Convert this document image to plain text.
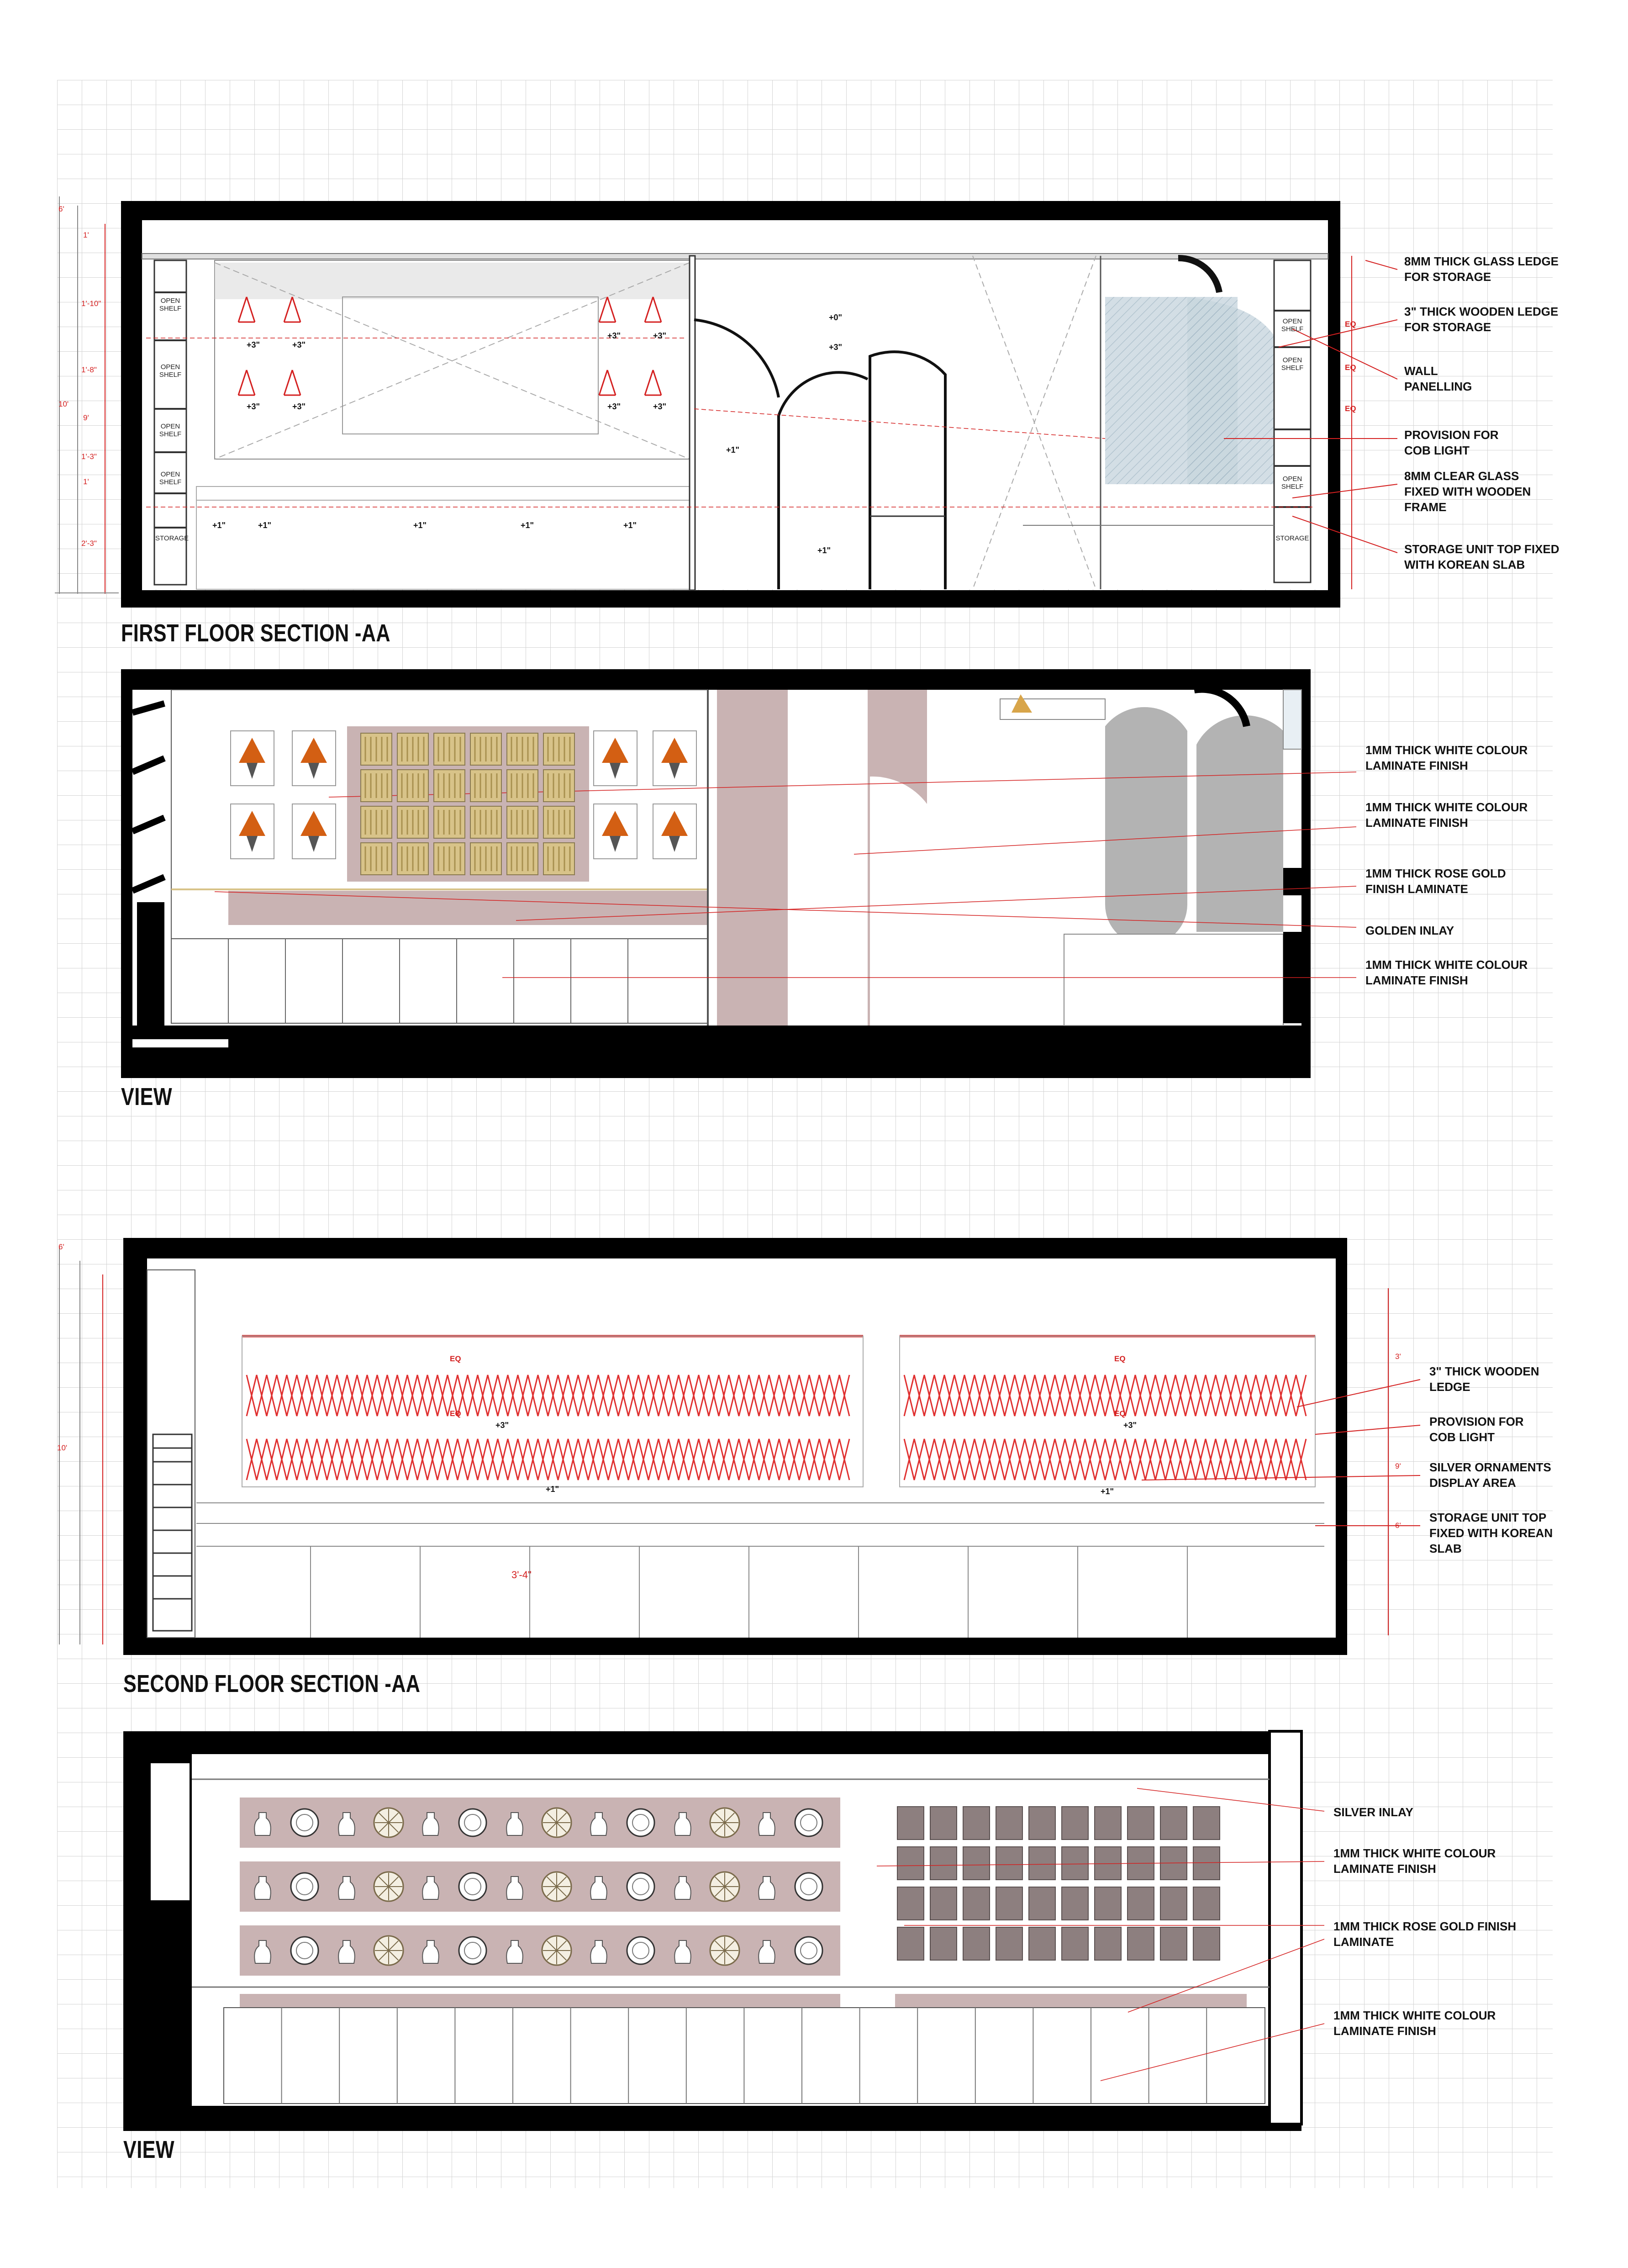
FIRST FLOOR SECTION -AA
8MM THICK GLASS LEDGE FOR STORAGE
3" THICK WOODEN LEDGE FOR STORAGE
WALL PANELLING
PROVISION FOR COB LIGHT
8MM CLEAR GLASS FIXED WITH WOODEN FRAME
STORAGE UNIT TOP FIXED WITH KOREAN SLAB
OPEN SHELF
OPEN SHELF
OPEN SHELF
OPEN SHELF
STORAGE
OPEN SHELF
OPEN SHELF
OPEN SHELF
STORAGE
6'
1'
1'-10"
1'-8"
10'
9'
1'-3"
1'
2'-3"
+3"	+3"
+3"	+3"
+3"	+3"	+3"	+3"
+1"	+1"	+1"	+1"	+1"
+1"
+1"
+0"
+3"
EQ
EQ
EQ
VIEW
1MM THICK WHITE COLOUR LAMINATE FINISH
1MM THICK WHITE COLOUR LAMINATE FINISH
1MM THICK ROSE GOLD FINISH LAMINATE
GOLDEN INLAY
1MM THICK WHITE COLOUR LAMINATE FINISH
SECOND FLOOR SECTION -AA
3" THICK WOODEN LEDGE
PROVISION FOR COB LIGHT
SILVER ORNAMENTS DISPLAY AREA
STORAGE UNIT TOP FIXED WITH KOREAN SLAB
6'
10'
9'
3'
6'
EQ	EQ
EQ	EQ
+3"	+3"
+1"	+1"
3'-4"
VIEW
SILVER INLAY
1MM THICK WHITE COLOUR LAMINATE FINISH
1MM THICK ROSE GOLD FINISH LAMINATE
1MM THICK WHITE COLOUR LAMINATE FINISH
